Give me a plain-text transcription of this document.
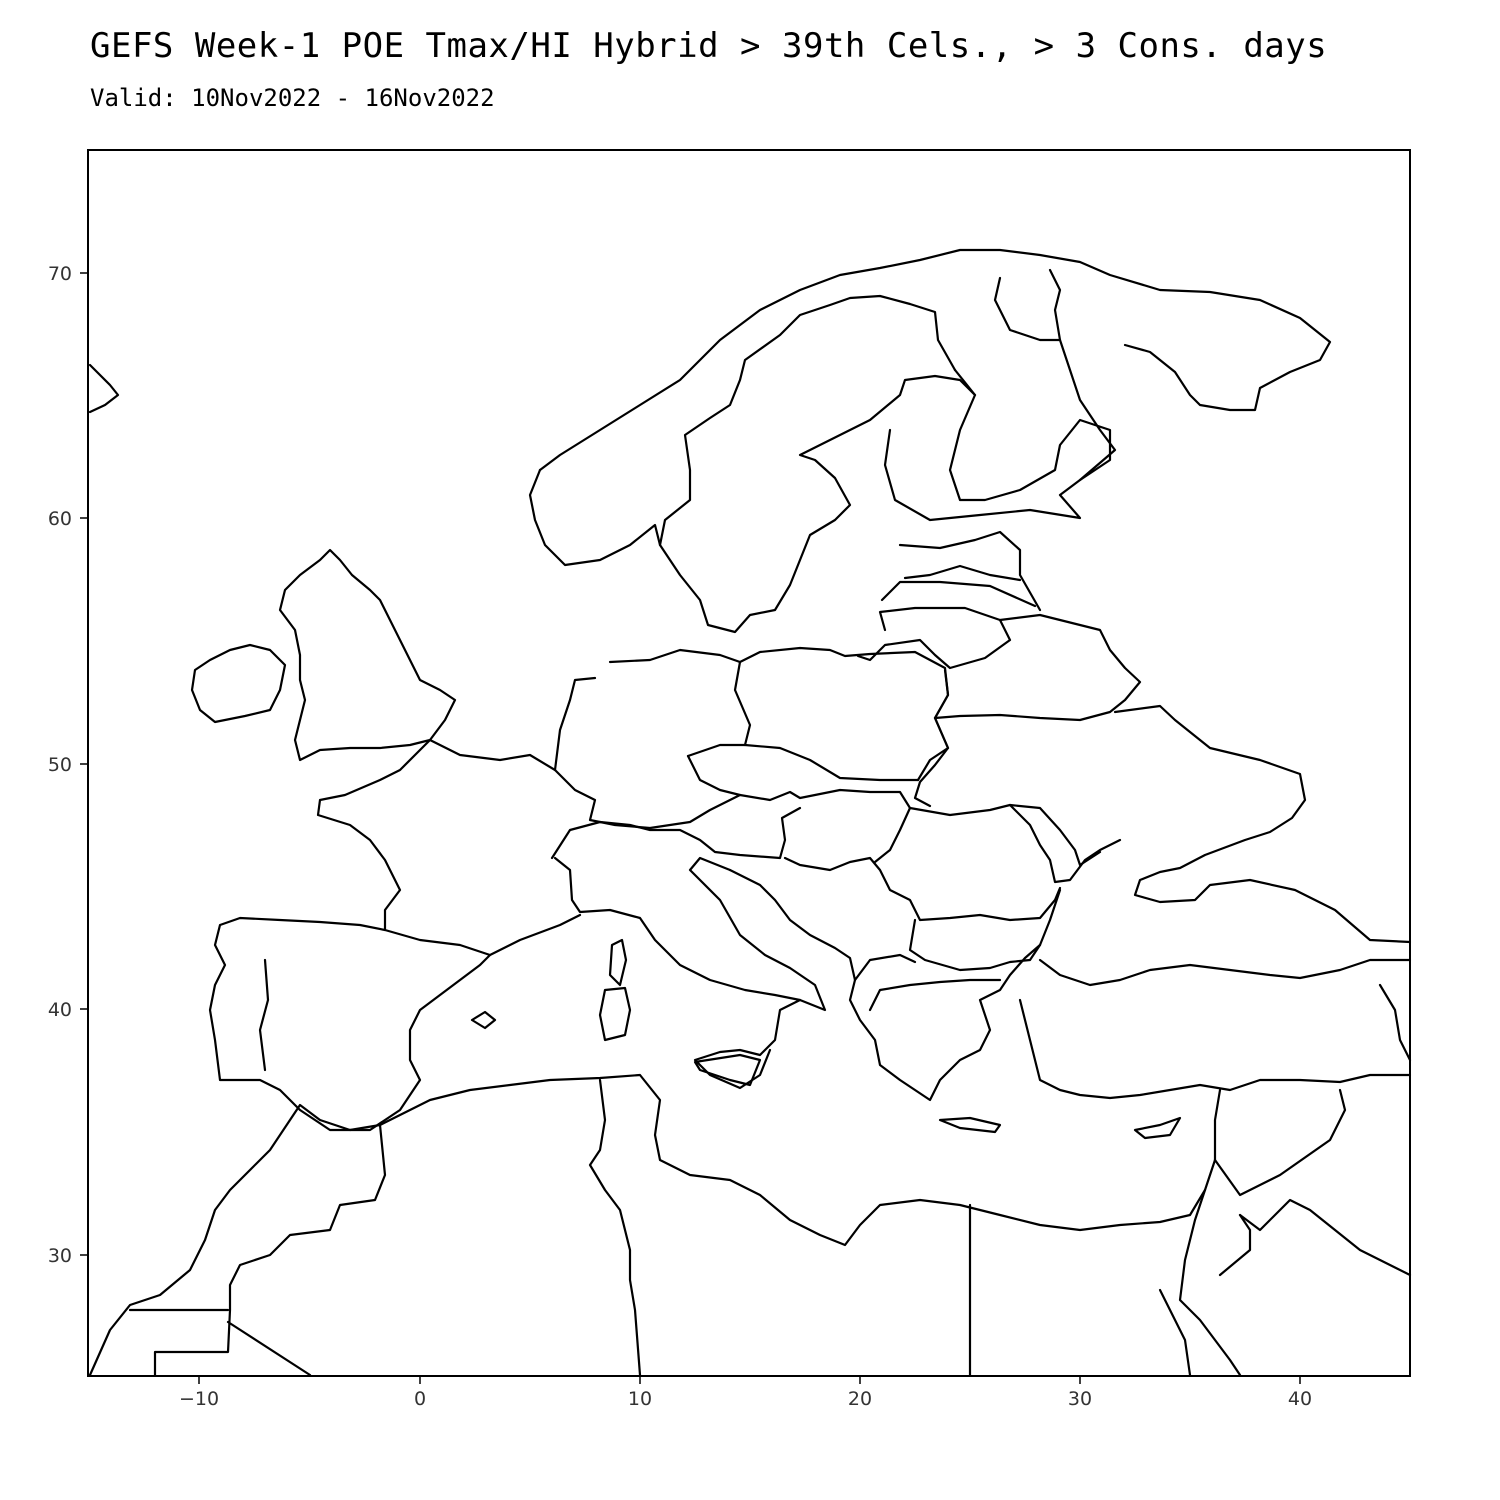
GEFS Week-1 POE Tmax/HI Hybrid > 39th Cels., > 3 Cons. days
Valid: 10Nov2022 - 16Nov2022
−10	0	10	20	30	40
70
60
50
40
30
